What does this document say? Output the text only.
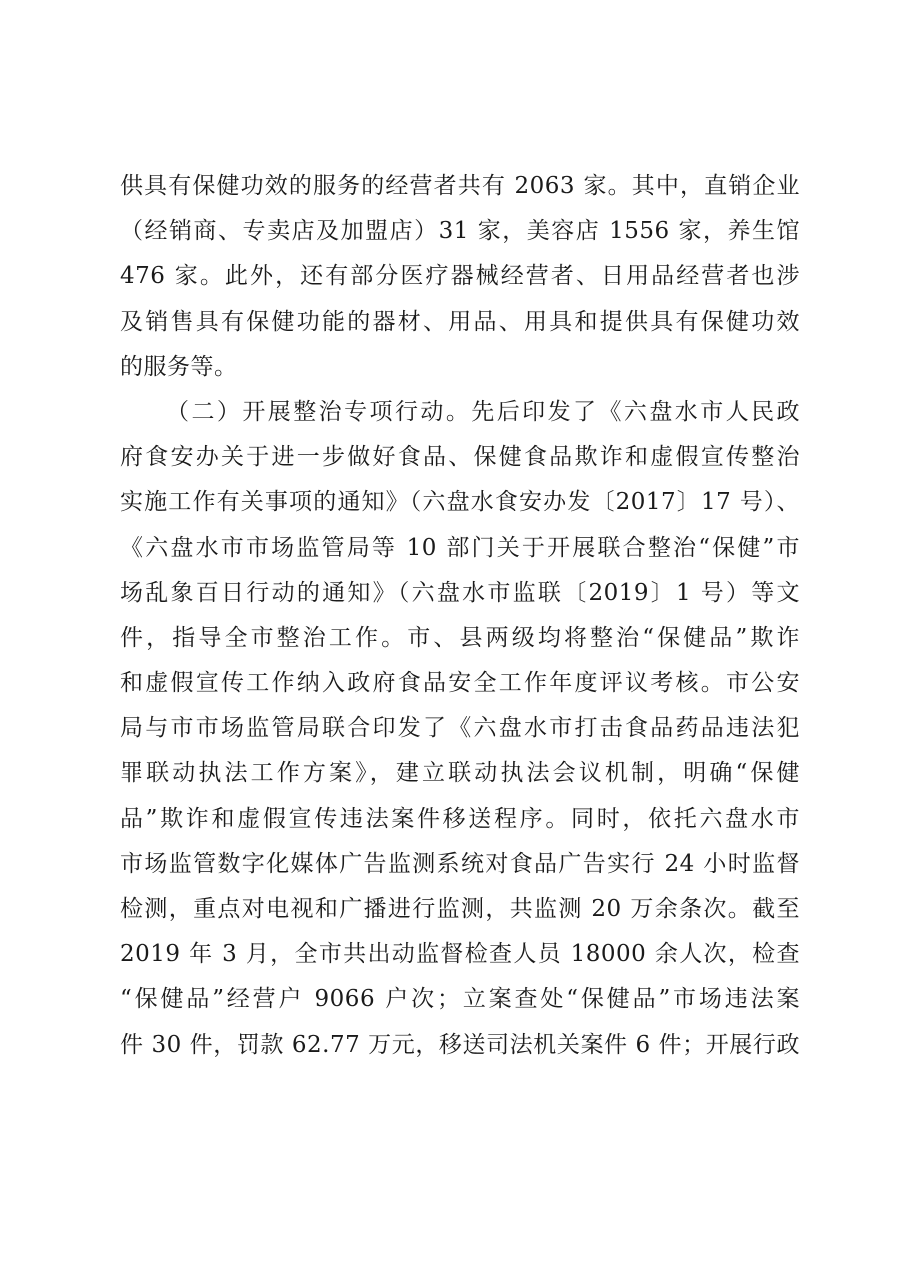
供具有保健功效的服务的经营者共有 2063 家。其中，直销企业
（经销商、专卖店及加盟店）31 家，美容店 1556 家，养生馆
476 家。此外，还有部分医疗器械经营者、日用品经营者也涉
及销售具有保健功能的器材、用品、用具和提供具有保健功效
的服务等。
（二）开展整治专项行动。先后印发了《六盘水市人民政
府食安办关于进一步做好食品、保健食品欺诈和虚假宣传整治
实施工作有关事项的通知》（六盘水食安办发〔2017〕17 号）、
《六盘水市市场监管局等 10 部门关于开展联合整治“保健”市
场乱象百日行动的通知》（六盘水市监联〔2019〕1 号）等文
件，指导全市整治工作。市、县两级均将整治“保健品”欺诈
和虚假宣传工作纳入政府食品安全工作年度评议考核。市公安
局与市市场监管局联合印发了《六盘水市打击食品药品违法犯
罪联动执法工作方案》，建立联动执法会议机制，明确“保健
品”欺诈和虚假宣传违法案件移送程序。同时，依托六盘水市
市场监管数字化媒体广告监测系统对食品广告实行 24 小时监督
检测，重点对电视和广播进行监测，共监测 20 万余条次。截至
2019 年 3 月，全市共出动监督检查人员 18000 余人次，检查
“保健品”经营户 9066 户次；立案查处“保健品”市场违法案
件 30 件，罚款 62.77 万元，移送司法机关案件 6 件；开展行政
